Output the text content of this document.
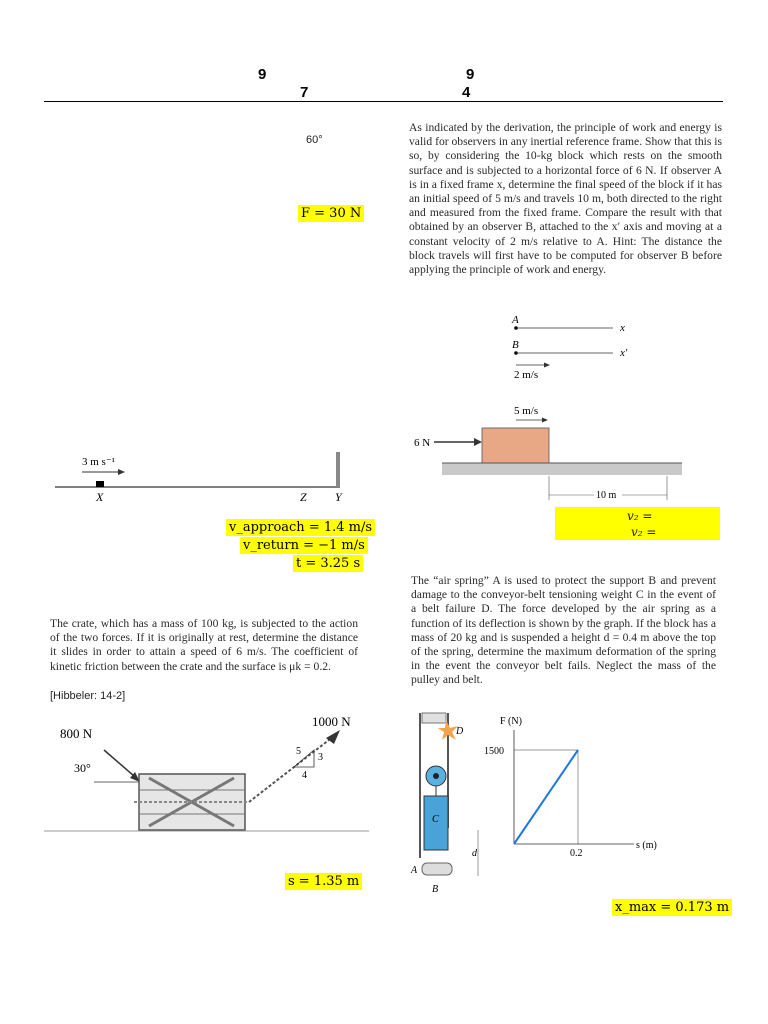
9
7
9
4
60°
F = 30 N
3 m s⁻¹
X	Z Y
v_approach = 1.4 m/s
v_return = −1 m/s
t = 3.25 s
The crate, which has a mass of 100 kg, is subjected to the action of the two forces. If it is originally at rest, determine the distance it slides in order to attain a speed of 6 m/s. The coefficient of kinetic friction between the crate and the surface is μk = 0.2.
[Hibbeler: 14-2]
800 N
30°
1000 N
5
3
4
s = 1.35 m
As indicated by the derivation, the principle of work and energy is valid for observers in any inertial reference frame. Show that this is so, by considering the 10-kg block which rests on the smooth surface and is subjected to a horizontal force of 6 N. If observer A is in a fixed frame x, determine the final speed of the block if it has an initial speed of 5 m/s and travels 10 m, both directed to the right and measured from the fixed frame. Compare the result with that obtained by an observer B, attached to the x′ axis and moving at a constant velocity of 2 m/s relative to A. Hint: The distance the block travels will first have to be computed for observer B before applying the principle of work and energy.
A
x
B
x′
2 m/s
5 m/s
6 N
10 m
v₂ =
v₂ =
The “air spring” A is used to protect the support B and prevent damage to the conveyor-belt tensioning weight C in the event of a belt failure D. The force developed by the air spring as a function of its deflection is shown by the graph. If the block has a mass of 20 kg and is suspended a height d = 0.4 m above the top of the spring, determine the maximum deformation of the spring in the event the conveyor belt fails. Neglect the mass of the pulley and belt.
D
C
d
A
B
F (N)
1500
0.2
s (m)
x_max = 0.173 m
